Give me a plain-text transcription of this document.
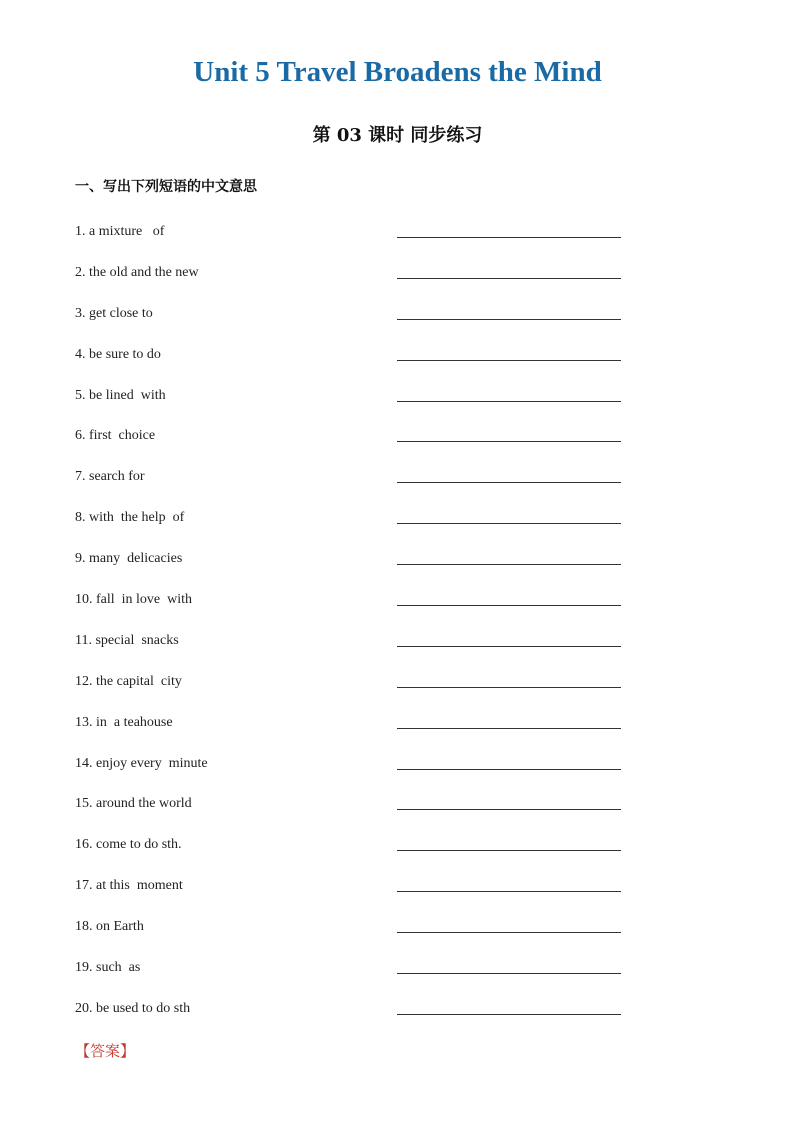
Unit 5 Travel Broadens the Mind
第 03 课时 同步练习
一、写出下列短语的中文意思
1. a mixture   of
2. the old and the new
3. get close to
4. be sure to do
5. be lined  with
6. first  choice
7. search for
8. with  the help  of
9. many  delicacies
10. fall  in love  with
11. special  snacks
12. the capital  city
13. in  a teahouse
14. enjoy every  minute
15. around the world
16. come to do sth.
17. at this  moment
18. on Earth
19. such  as
20. be used to do sth

【答案】
